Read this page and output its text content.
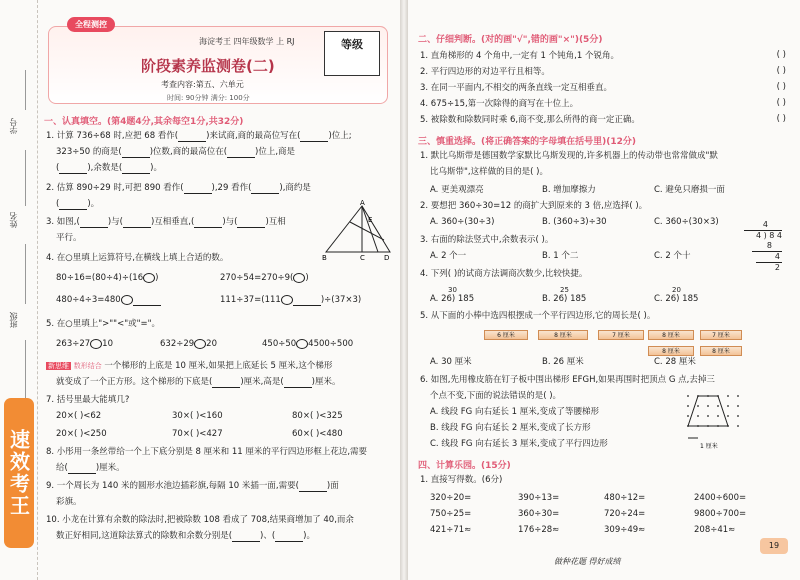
学号
姓名
班级
速效考王
全程测控
海淀考王 四年级数学 上 RJ
阶段素养监测卷(二)
考查内容:第五、六单元
时间: 90分钟 满分: 100分
等级
一、认真填空。(第4题4分,其余每空1分,共32分)
1. 计算 736÷68 时,应把 68 看作(	)来试商,商的最高位写在(	)位上;
323÷50 的商是(	)位数,商的最高位在(	)位上,商是
(	),余数是(	)。
2. 估算 890÷29 时,可把 890 看作(	),29 看作(	),商约是
(	)。
3. 如图,(	)与(	)互相垂直,(	)与(	)互相
平行。
A
B	C	D
E
4. 在○里填上运算符号,在横线上填上合适的数。
80÷16=(80÷4)÷(16 )	270÷54=270÷9( )
480÷4÷3=480	111÷37=(111	)÷(37×3)
5. 在○里填上">""<"或"="。
263÷27 10	632÷29 20	450÷50 4500÷500
新思维 数形结合 一个梯形的上底是 10 厘米,如果把上底延长 5 厘米,这个梯形
就变成了一个正方形。这个梯形的下底是(	)厘米,高是(	)厘米。
7. 括号里最大能填几?
20×( )<62	30×( )<160	80×( )<325
20×( )<250	70×( )<427	60×( )<480
8. 小彤用一条丝带给一个上下底分别是 8 厘米和 11 厘米的平行四边形框上花边,需要
给(	)厘米。
9. 一个周长为 140 米的圆形水池边插彩旗,每隔 10 米插一面,需要(	)面
彩旗。
10. 小龙在计算有余数的除法时,把被除数 108 看成了 708,结果商增加了 40,而余
数正好相同,这道除法算式的除数和余数分别是(	)、(	)。
二、仔细判断。(对的画"√",错的画"×")(5分)
1. 直角梯形的 4 个角中,一定有 1 个钝角,1 个锐角。	( )
2. 平行四边形的对边平行且相等。	( )
3. 在同一平面内,不相交的两条直线一定互相垂直。	( )
4. 675÷15,第一次除得的商写在十位上。	( )
5. 被除数和除数同时乘 6,商不变,那么所得的商一定正确。	( )
三、慎重选择。(将正确答案的字母填在括号里)(12分)
1. 默比乌斯带是德国数学家默比乌斯发现的,许多机器上的传动带也常常做成"默
比乌斯带",这样做的目的是( )。
A. 更美观漂亮	B. 增加摩擦力	C. 避免只磨损一面
2. 要想把 360÷30=12 的商扩大到原来的 3 倍,应选择( )。
A. 360÷(30÷3)	B. (360÷3)÷30	C. 360÷(30×3)
3. 右面的除法竖式中,余数表示( )。
A. 2 个一	B. 1 个二	C. 2 个十
4
4 ) 8 4
8
4
2
4. 下列( )的试商方法调商次数少,比较快捷。
30
A. 26) 185
25
B. 26) 185
20
C. 26) 185
5. 从下面的小棒中选四根摆成一个平行四边形,它的周长是( )。
6 厘米	8 厘米	7 厘米	8 厘米	7 厘米
8 厘米	8 厘米
A. 30 厘米	B. 26 厘米	C. 28 厘米
6. 如图,先用橡皮筋在钉子板中围出梯形 EFGH,如果再围时把顶点 G 点,去掉三
个点不变,下面的说法错误的是( )。
A. 线段 FG 向右延长 1 厘米,变成了等腰梯形
B. 线段 FG 向右延长 2 厘米,变成了长方形
C. 线段 FG 向右延长 3 厘米,变成了平行四边形	1 厘米
四、计算乐园。(15分)
1. 直接写得数。(6分)
320÷20=	390÷13=	480÷12=	2400÷600=
750÷25=	360÷30=	720÷24=	9800÷700=
421÷71≈	176÷28≈	309÷49≈	208÷41≈
做种花题 得好成绩
19
